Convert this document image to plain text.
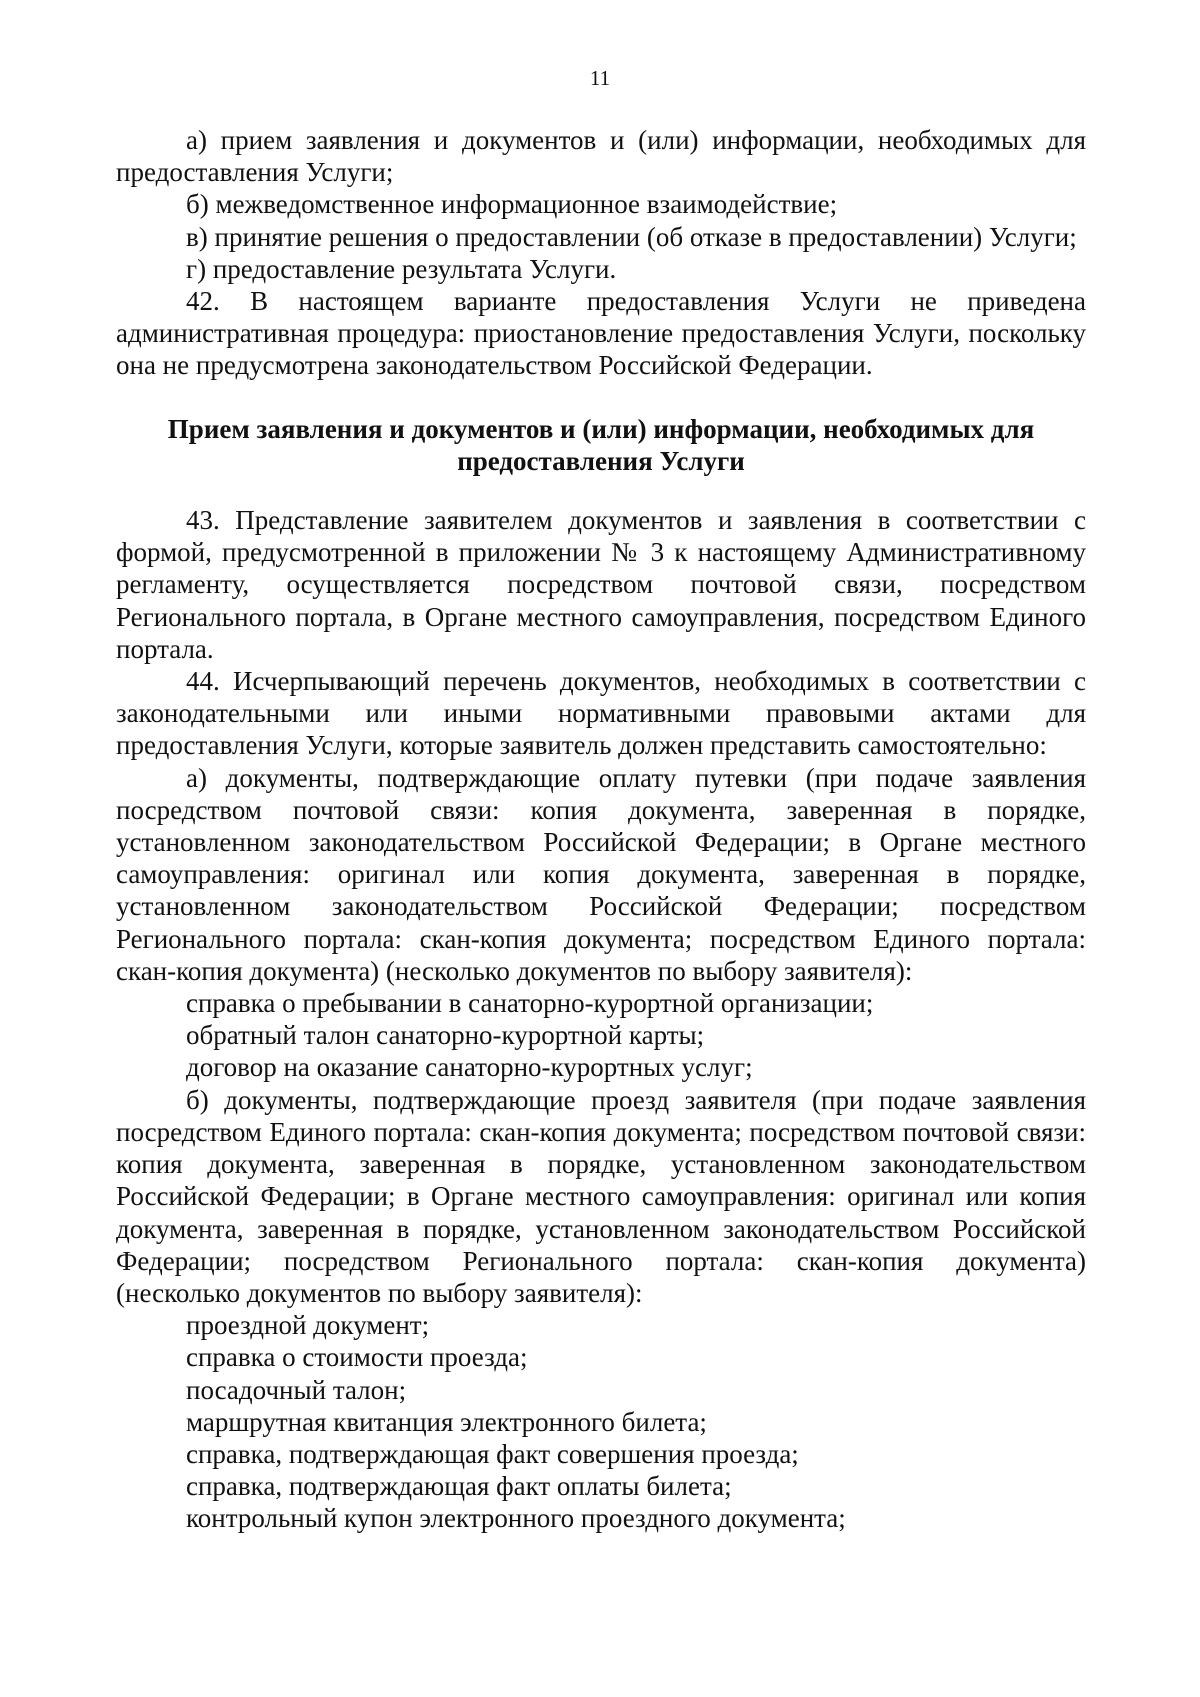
11

а) прием заявления и документов и (или) информации, необходимых для предоставления Услуги;

б) межведомственное информационное взаимодействие;

в) принятие решения о предоставлении (об отказе в предоставлении) Услуги;

г) предоставление результата Услуги.

42. В настоящем варианте предоставления Услуги не приведена административная процедура: приостановление предоставления Услуги, поскольку она не предусмотрена законодательством Российской Федерации.

Прием заявления и документов и (или) информации, необходимых для
предоставления Услуги

43. Представление заявителем документов и заявления в соответствии с формой, предусмотренной в приложении № 3 к настоящему Административному регламенту, осуществляется посредством почтовой связи, посредством Регионального портала, в Органе местного самоуправления, посредством Единого портала.

44. Исчерпывающий перечень документов, необходимых в соответствии с законодательными или иными нормативными правовыми актами для предоставления Услуги, которые заявитель должен представить самостоятельно:

а) документы, подтверждающие оплату путевки (при подаче заявления посредством почтовой связи: копия документа, заверенная в порядке, установленном законодательством Российской Федерации; в Органе местного самоуправления: оригинал или копия документа, заверенная в порядке, установленном законодательством Российской Федерации; посредством Регионального портала: скан-копия документа; посредством Единого портала: скан-копия документа) (несколько документов по выбору заявителя):

справка о пребывании в санаторно-курортной организации;

обратный талон санаторно-курортной карты;

договор на оказание санаторно-курортных услуг;

б) документы, подтверждающие проезд заявителя (при подаче заявления посредством Единого портала: скан-копия документа; посредством почтовой связи: копия документа, заверенная в порядке, установленном законодательством Российской Федерации; в Органе местного самоуправления: оригинал или копия документа, заверенная в порядке, установленном законодательством Российской Федерации; посредством Регионального портала: скан-копия документа) (несколько документов по выбору заявителя):

проездной документ;

справка о стоимости проезда;

посадочный талон;

маршрутная квитанция электронного билета;

справка, подтверждающая факт совершения проезда;

справка, подтверждающая факт оплаты билета;

контрольный купон электронного проездного документа;
